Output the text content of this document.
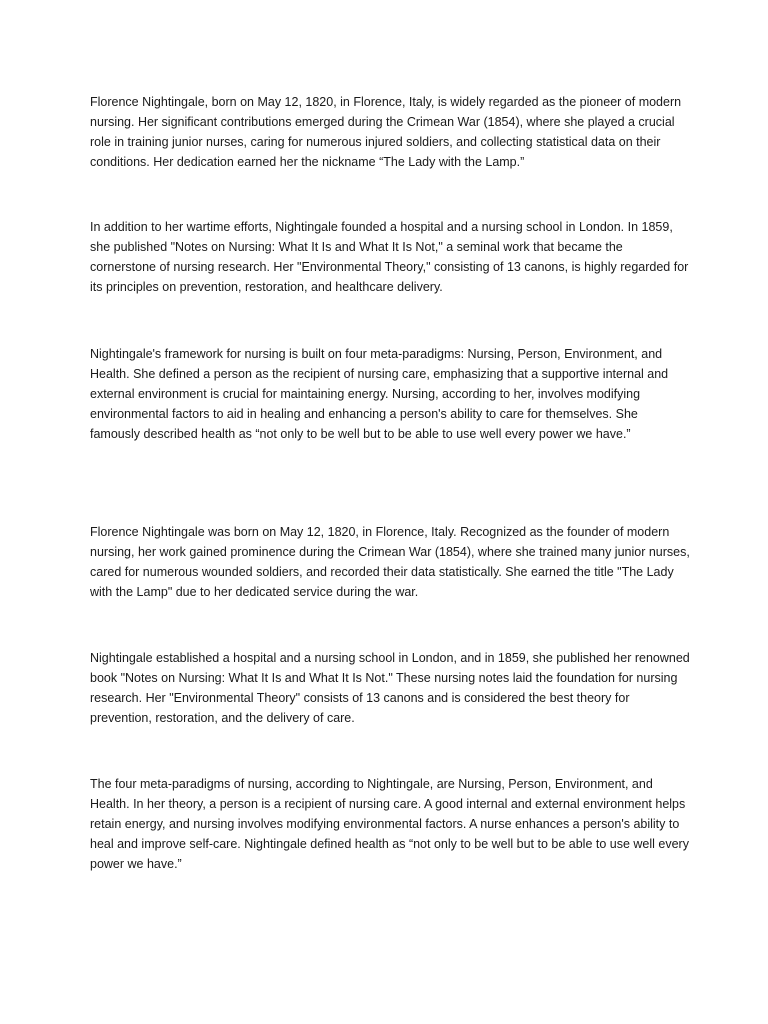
Florence Nightingale, born on May 12, 1820, in Florence, Italy, is widely regarded as the pioneer of modern nursing. Her significant contributions emerged during the Crimean War (1854), where she played a crucial role in training junior nurses, caring for numerous injured soldiers, and collecting statistical data on their conditions. Her dedication earned her the nickname “The Lady with the Lamp.”

In addition to her wartime efforts, Nightingale founded a hospital and a nursing school in London. In 1859, she published "Notes on Nursing: What It Is and What It Is Not," a seminal work that became the cornerstone of nursing research. Her "Environmental Theory," consisting of 13 canons, is highly regarded for its principles on prevention, restoration, and healthcare delivery.

Nightingale's framework for nursing is built on four meta-paradigms: Nursing, Person, Environment, and Health. She defined a person as the recipient of nursing care, emphasizing that a supportive internal and external environment is crucial for maintaining energy. Nursing, according to her, involves modifying environmental factors to aid in healing and enhancing a person's ability to care for themselves. She famously described health as “not only to be well but to be able to use well every power we have.”

Florence Nightingale was born on May 12, 1820, in Florence, Italy. Recognized as the founder of modern nursing, her work gained prominence during the Crimean War (1854), where she trained many junior nurses, cared for numerous wounded soldiers, and recorded their data statistically. She earned the title "The Lady with the Lamp" due to her dedicated service during the war.

Nightingale established a hospital and a nursing school in London, and in 1859, she published her renowned book "Notes on Nursing: What It Is and What It Is Not." These nursing notes laid the foundation for nursing research. Her "Environmental Theory" consists of 13 canons and is considered the best theory for prevention, restoration, and the delivery of care.

The four meta-paradigms of nursing, according to Nightingale, are Nursing, Person, Environment, and Health. In her theory, a person is a recipient of nursing care. A good internal and external environment helps retain energy, and nursing involves modifying environmental factors. A nurse enhances a person's ability to heal and improve self-care. Nightingale defined health as “not only to be well but to be able to use well every power we have.”
